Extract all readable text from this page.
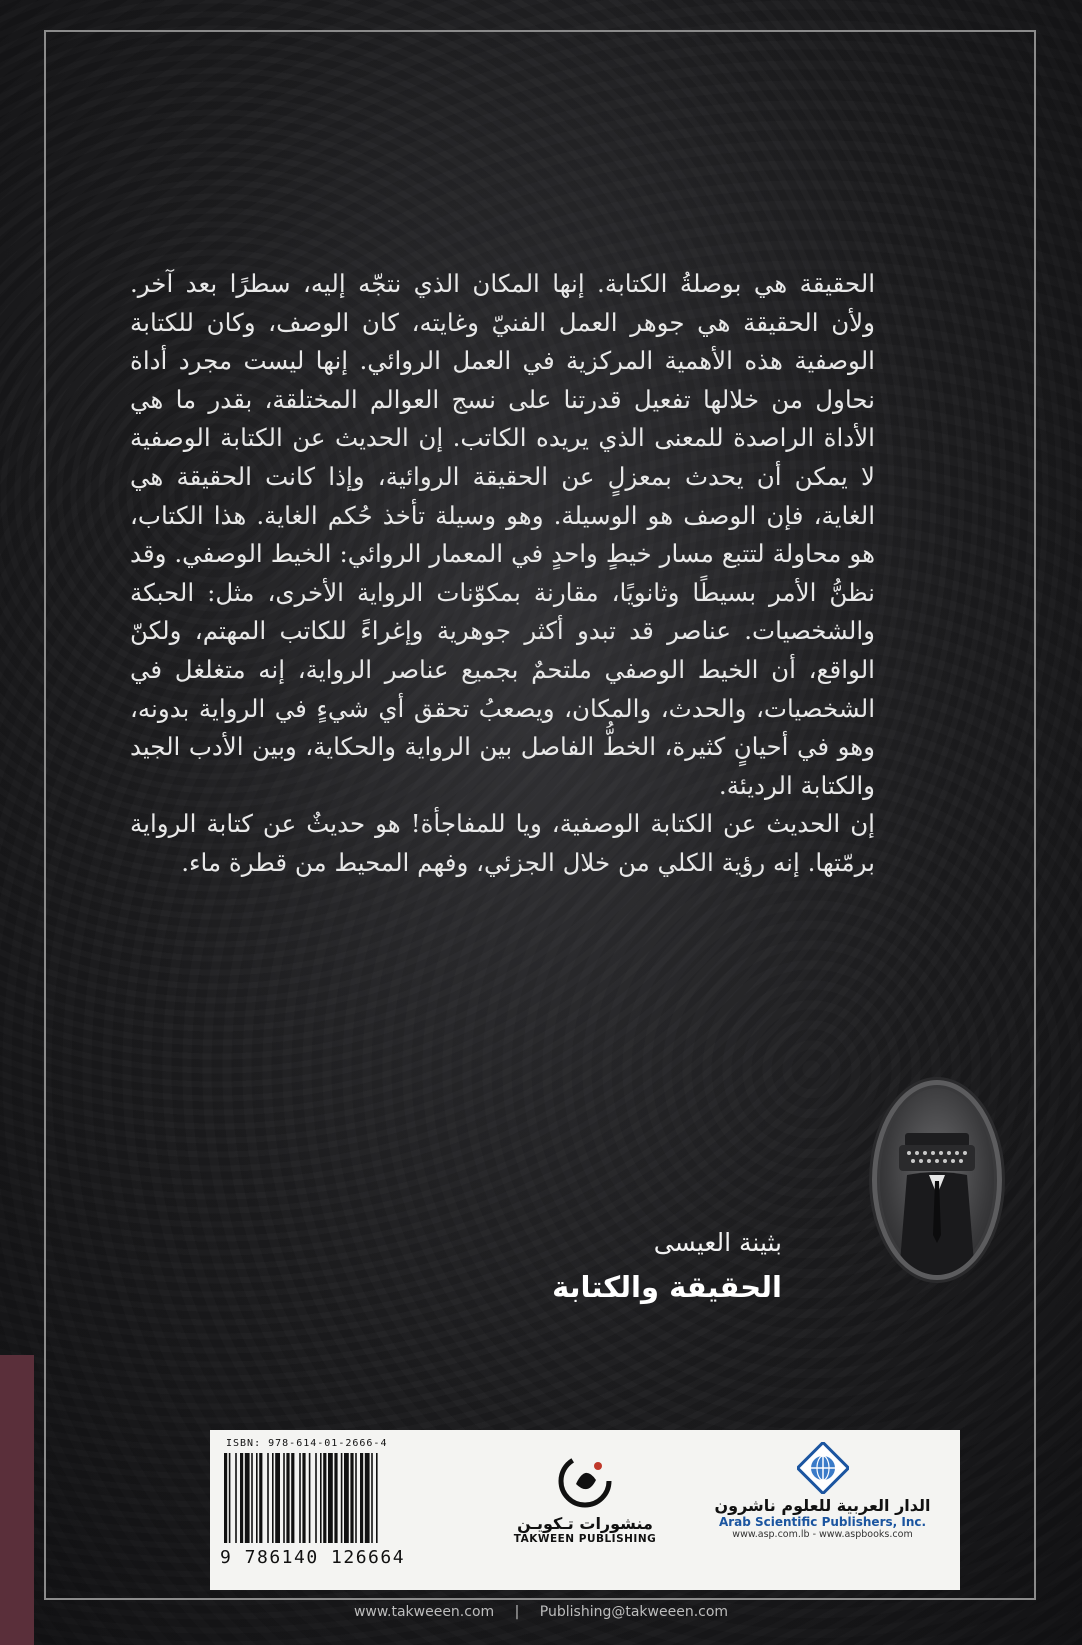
الحقيقة هي بوصلةُ الكتابة. إنها المكان الذي نتجّه إليه، سطرًا بعد آخر. ولأن الحقيقة هي جوهر العمل الفنيّ وغايته، كان الوصف، وكان للكتابة الوصفية هذه الأهمية المركزية في العمل الروائي. إنها ليست مجرد أداة نحاول من خلالها تفعيل قدرتنا على نسج العوالم المختلقة، بقدر ما هي الأداة الراصدة للمعنى الذي يريده الكاتب. إن الحديث عن الكتابة الوصفية لا يمكن أن يحدث بمعزلٍ عن الحقيقة الروائية، وإذا كانت الحقيقة هي الغاية، فإن الوصف هو الوسيلة. وهو وسيلة تأخذ حُكم الغاية. هذا الكتاب، هو محاولة لتتبع مسار خيطٍ واحدٍ في المعمار الروائي: الخيط الوصفي. وقد نظنُّ الأمر بسيطًا وثانويًا، مقارنة بمكوّنات الرواية الأخرى، مثل: الحبكة والشخصيات. عناصر قد تبدو أكثر جوهرية وإغراءً للكاتب المهتم، ولكنّ الواقع، أن الخيط الوصفي ملتحمٌ بجميع عناصر الرواية، إنه متغلغل في الشخصيات، والحدث، والمكان، ويصعبُ تحقق أي شيءٍ في الرواية بدونه، وهو في أحيانٍ كثيرة، الخطُّ الفاصل بين الرواية والحكاية، وبين الأدب الجيد والكتابة الرديئة.

إن الحديث عن الكتابة الوصفية، ويا للمفاجأة! هو حديثٌ عن كتابة الرواية برمّتها. إنه رؤية الكلي من خلال الجزئي، وفهم المحيط من قطرة ماء.

بثينة العيسى
الحقيقة والكتابة
ISBN: 978-614-01-2666-4
9 786140 126664
منشورات تـكويـن
TAKWEEN PUBLISHING
الدار العربية للعلوم ناشرون
Arab Scientific Publishers, Inc.
www.asp.com.lb - www.aspbooks.com
www.takweeen.com | Publishing@takweeen.com
